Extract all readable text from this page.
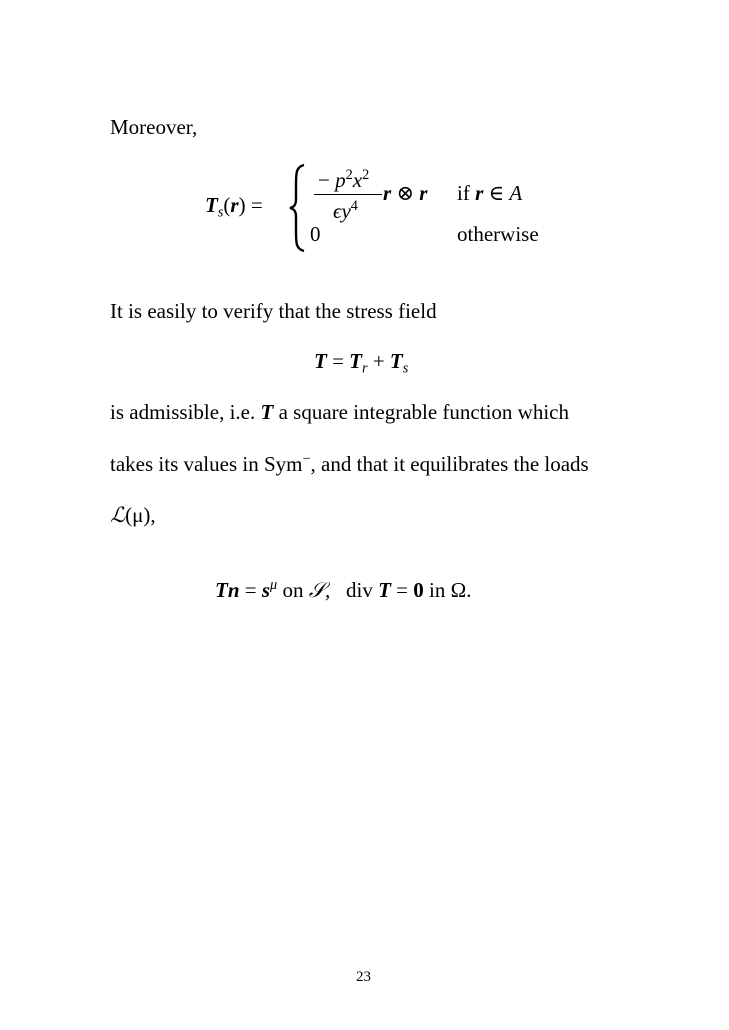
Moreover,
$T_s(r)$ =
− $p^2x^2$
$\epsilon y^4$
r ⊗ r if r ∈ A
0	otherwise
It is easily to verify that the stress field
$T = T_r + T_s$
is admissible, i.e. T a square integrable function which
takes its values in Sym−, and that it equilibrates the loads
ℒ(μ),
$Tn = s^\mu$ on 𝒮, div T = 0 in Ω.
23
